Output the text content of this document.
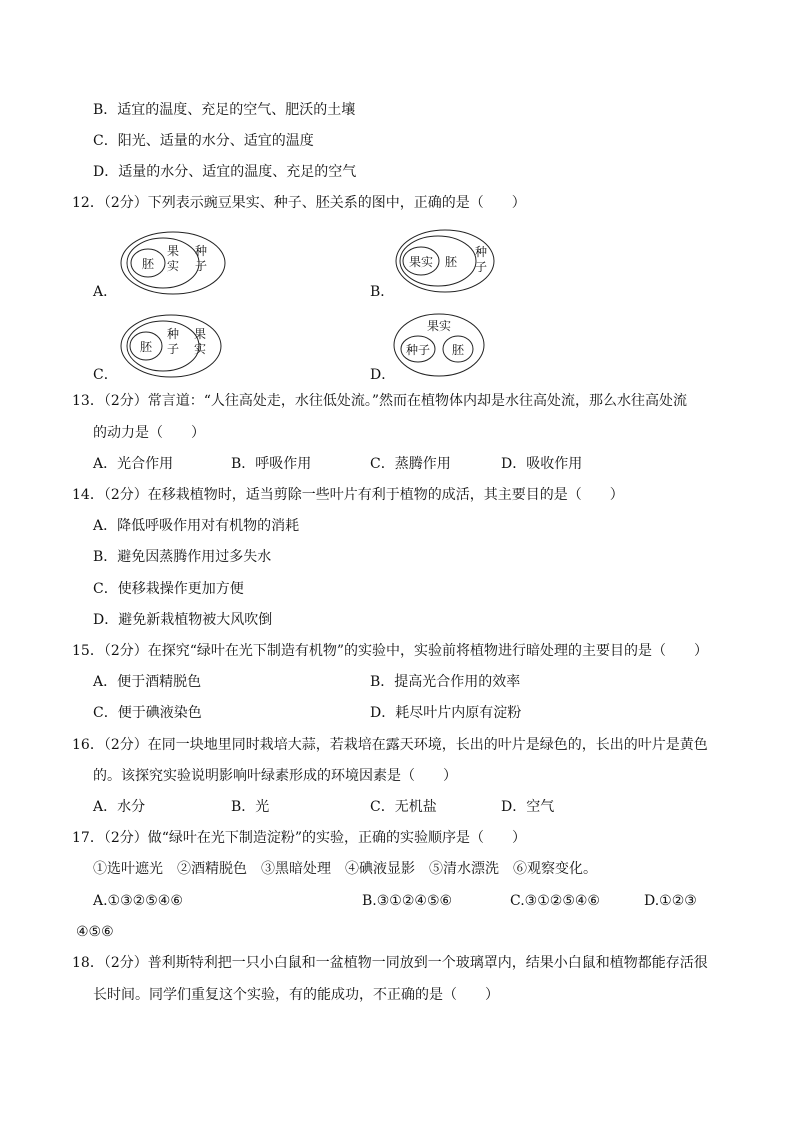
B．适宜的温度、充足的空气、肥沃的土壤
C．阳光、适量的水分、适宜的温度
D．适量的水分、适宜的温度、充足的空气
12．（2分）下列表示豌豆果实、种子、胚关系的图中，正确的是（　　）
胚
果实
种子
A．
果实 胚
种子
B．
胚
种子
果实
C．
果实
种子 胚
D．
13．（2分）常言道：“人往高处走，水往低处流。”然而在植物体内却是水往高处流，那么水往高处流
的动力是（　　）
A．光合作用	B．呼吸作用	C．蒸腾作用	D．吸收作用
14．（2分）在移栽植物时，适当剪除一些叶片有利于植物的成活，其主要目的是（　　）
A．降低呼吸作用对有机物的消耗
B．避免因蒸腾作用过多失水
C．使移栽操作更加方便
D．避免新栽植物被大风吹倒
15．（2分）在探究“绿叶在光下制造有机物”的实验中，实验前将植物进行暗处理的主要目的是（　　）
A．便于酒精脱色	B．提高光合作用的效率
C．便于碘液染色	D．耗尽叶片内原有淀粉
16．（2分）在同一块地里同时栽培大蒜，若栽培在露天环境，长出的叶片是绿色的，长出的叶片是黄色
的。该探究实验说明影响叶绿素形成的环境因素是（　　）
A．水分	B．光	C．无机盐	D．空气
17．（2分）做“绿叶在光下制造淀粉”的实验，正确的实验顺序是（　　）
①选叶遮光　②酒精脱色　③黑暗处理　④碘液显影　⑤清水漂洗　⑥观察变化。
A.①③②⑤④⑥	B.③①②④⑤⑥	C.③①②⑤④⑥	D.①②③
④⑤⑥
18．（2分）普利斯特利把一只小白鼠和一盆植物一同放到一个玻璃罩内，结果小白鼠和植物都能存活很
长时间。同学们重复这个实验，有的能成功，不正确的是（　　）
